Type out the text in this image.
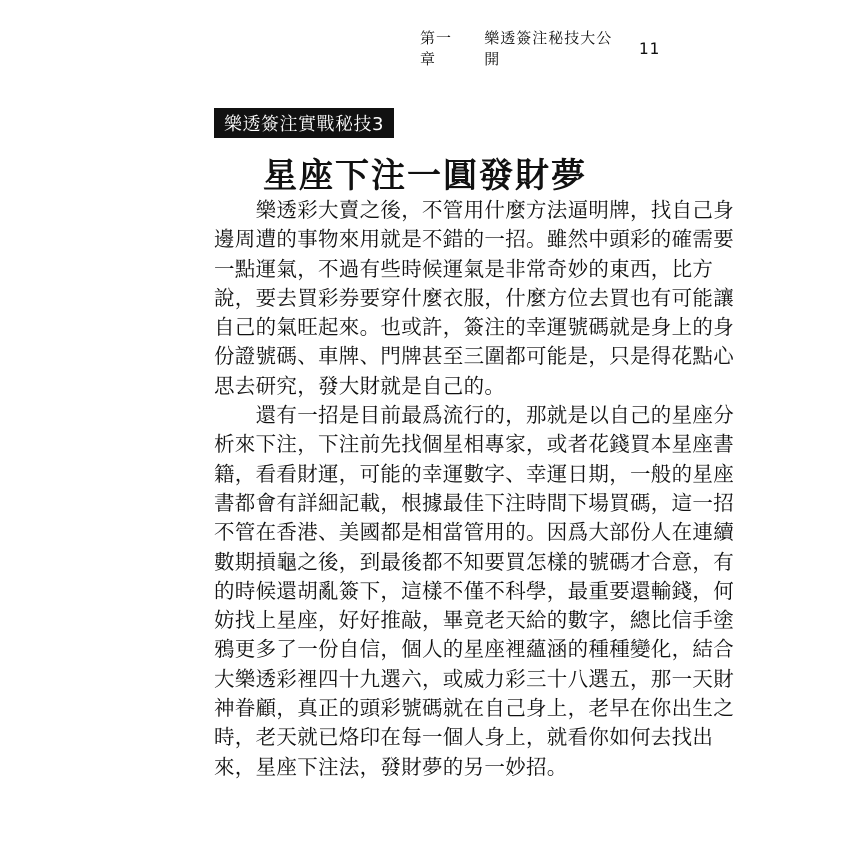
第一章
樂透簽注秘技大公開
11
樂透簽注實戰秘技3
星座下注一圓發財夢
　　樂透彩大賣之後，不管用什麼方法逼明牌，找自己身
邊周遭的事物來用就是不錯的一招。雖然中頭彩的確需要
一點運氣，不過有些時候運氣是非常奇妙的東西，比方
說，要去買彩券要穿什麼衣服，什麼方位去買也有可能讓
自己的氣旺起來。也或許，簽注的幸運號碼就是身上的身
份證號碼、車牌、門牌甚至三圍都可能是，只是得花點心
思去研究，發大財就是自己的。
　　還有一招是目前最爲流行的，那就是以自己的星座分
析來下注，下注前先找個星相專家，或者花錢買本星座書
籍，看看財運，可能的幸運數字、幸運日期，一般的星座
書都會有詳細記載，根據最佳下注時間下場買碼，這一招
不管在香港、美國都是相當管用的。因爲大部份人在連續
數期摃龜之後，到最後都不知要買怎樣的號碼才合意，有
的時候還胡亂簽下，這樣不僅不科學，最重要還輸錢，何
妨找上星座，好好推敲，畢竟老天給的數字，總比信手塗
鴉更多了一份自信，個人的星座裡蘊涵的種種變化，結合
大樂透彩裡四十九選六，或威力彩三十八選五，那一天財
神眷顧，真正的頭彩號碼就在自己身上，老早在你出生之
時，老天就已烙印在每一個人身上，就看你如何去找出
來，星座下注法，發財夢的另一妙招。
